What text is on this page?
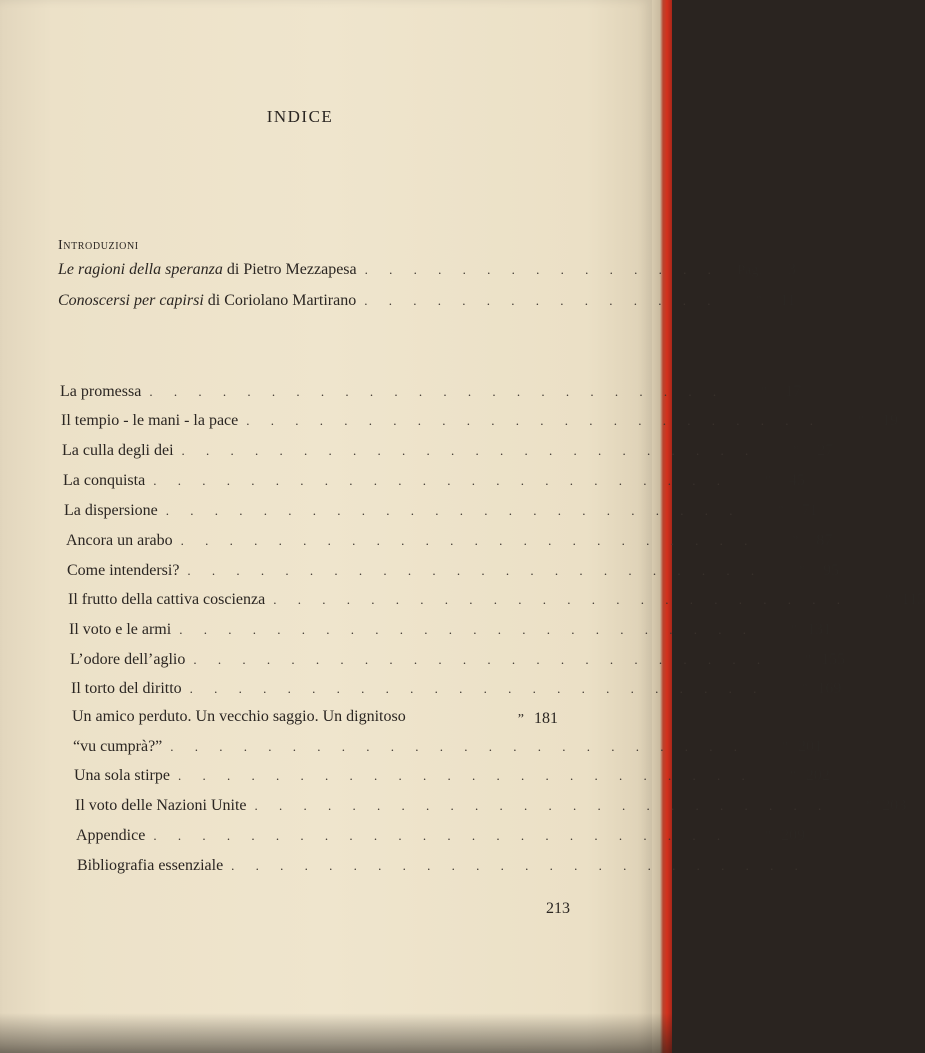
INDICE
Introduzioni
Le ragioni della speranza di Pietro Mezzapesa . . . . . . . . . . . . . . .	Pag.	3
Conoscersi per capirsi di Coriolano Martirano . . . . . . . . . . . . . . .	”	11
La promessa . . . . . . . . . . . . . . . . . . . . . . . .	”	17
Il tempio - le mani - la pace . . . . . . . . . . . . . . . . . . . . . . . .	”	19
La culla degli dei . . . . . . . . . . . . . . . . . . . . . . . .	”	27
La conquista . . . . . . . . . . . . . . . . . . . . . . . .	”	45
La dispersione . . . . . . . . . . . . . . . . . . . . . . . .	”	71
Ancora un arabo . . . . . . . . . . . . . . . . . . . . . . . .	”	87
Come intendersi? . . . . . . . . . . . . . . . . . . . . . . . .	”	95
Il frutto della cattiva coscienza . . . . . . . . . . . . . . . . . . . . . . . .	” 115
Il voto e le armi . . . . . . . . . . . . . . . . . . . . . . . .	” 131
L’odore dell’aglio . . . . . . . . . . . . . . . . . . . . . . . .	” 155
Il torto del diritto . . . . . . . . . . . . . . . . . . . . . . . .	” 169
Un amico perduto. Un vecchio saggio. Un dignitoso	” 181
“vu cumprà?” . . . . . . . . . . . . . . . . . . . . . . . .	” 201
Una sola stirpe . . . . . . . . . . . . . . . . . . . . . . . .	” 202
Il voto delle Nazioni Unite . . . . . . . . . . . . . . . . . . . . . . . .	” 203
Appendice . . . . . . . . . . . . . . . . . . . . . . . .	” 209
Bibliografia essenziale . . . . . . . . . . . . . . . . . . . . . . . .
213
